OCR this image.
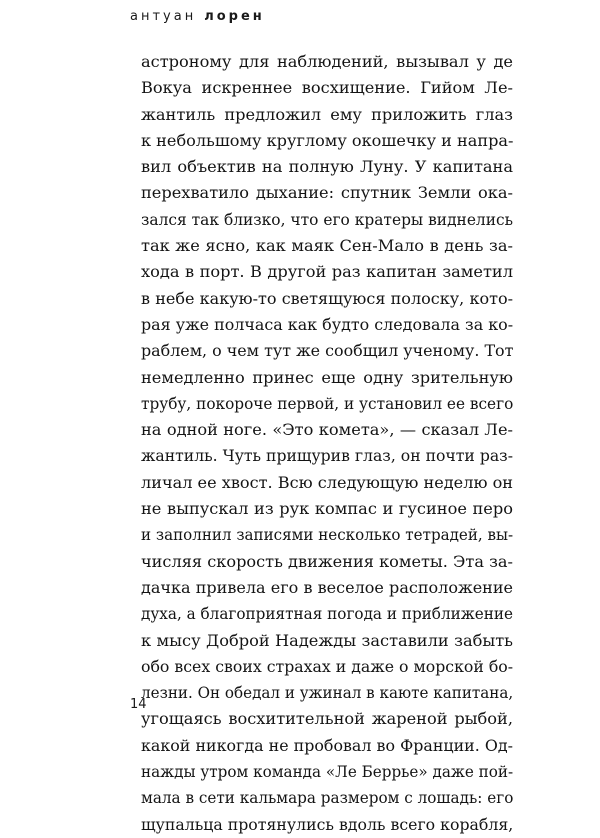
антуан лорен
астроному для наблюдений, вызывал у де
Вокуа искреннее восхищение. Гийом Ле-
жантиль предложил ему приложить глаз
к небольшому круглому окошечку и напра-
вил объектив на полную Луну. У капитана
перехватило дыхание: спутник Земли ока-
зался так близко, что его кратеры виднелись
так же ясно, как маяк Сен-Мало в день за-
хода в порт. В другой раз капитан заметил
в небе какую-то светящуюся полоску, кото-
рая уже полчаса как будто следовала за ко-
раблем, о чем тут же сообщил ученому. Тот
немедленно принес еще одну зрительную
трубу, покороче первой, и установил ее всего
на одной ноге. «Это комета», — сказал Ле-
жантиль. Чуть прищурив глаз, он почти раз-
личал ее хвост. Всю следующую неделю он
не выпускал из рук компас и гусиное перо
и заполнил записями несколько тетрадей, вы-
числяя скорость движения кометы. Эта за-
дачка привела его в веселое расположение
духа, а благоприятная погода и приближение
к мысу Доброй Надежды заставили забыть
обо всех своих страхах и даже о морской бо-
лезни. Он обедал и ужинал в каюте капитана,
угощаясь восхитительной жареной рыбой,
какой никогда не пробовал во Франции. Од-
нажды утром команда «Ле Беррье» даже пой-
мала в сети кальмара размером с лошадь: его
щупальца протянулись вдоль всего корабля,
14
